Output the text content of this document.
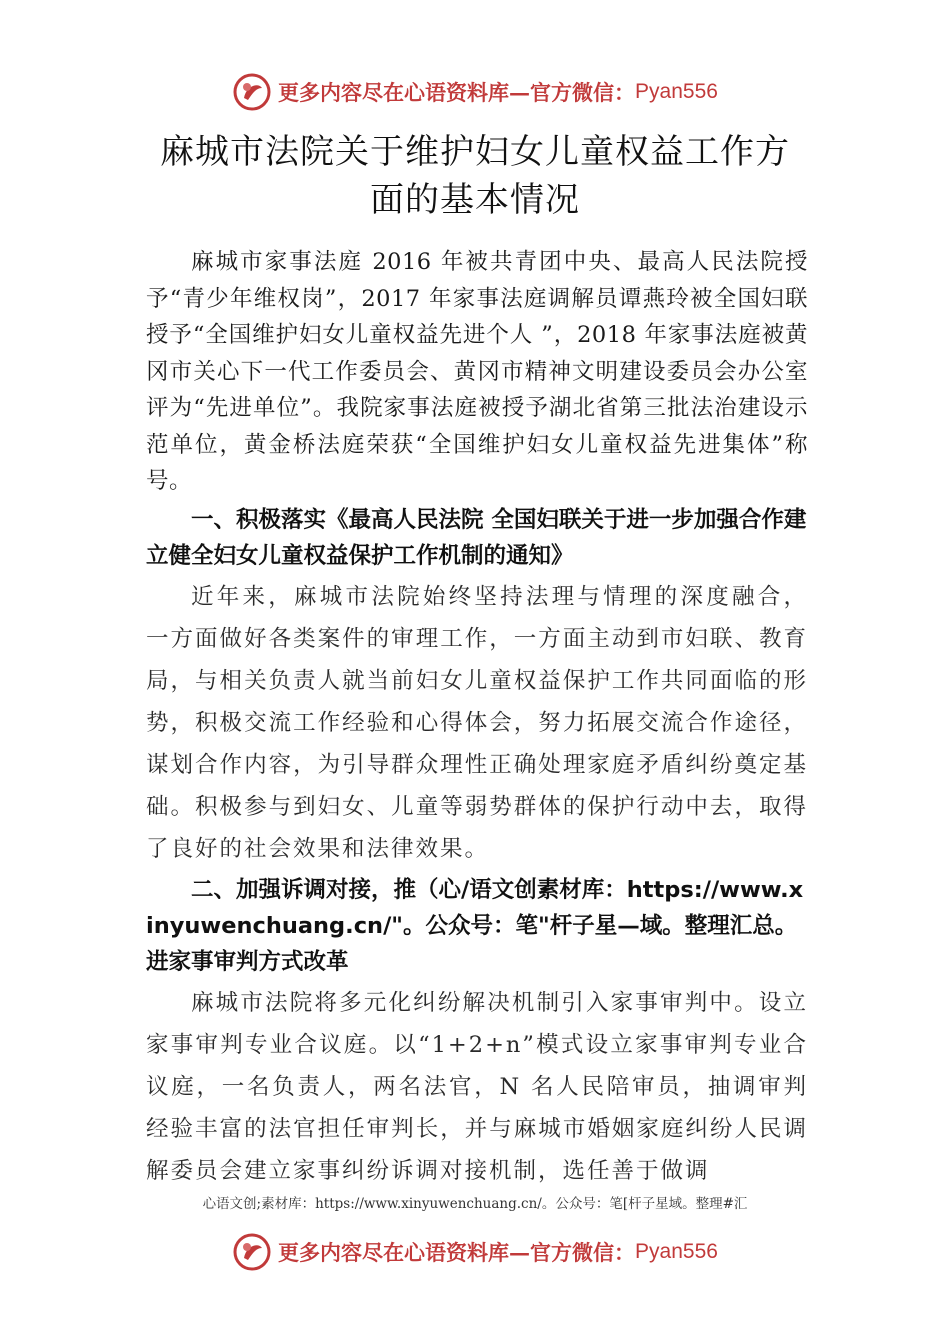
更多内容尽在心语资料库—官方微信： Pyan556
麻城市法院关于维护妇女儿童权益工作方
面的基本情况

麻城市家事法庭 2016 年被共青团中央、最高人民法院授予“青少年维权岗”，2017 年家事法庭调解员谭燕玲被全国妇联授予“全国维护妇女儿童权益先进个人 ”，2018 年家事法庭被黄冈市关心下一代工作委员会、黄冈市精神文明建设委员会办公室评为“先进单位”。我院家事法庭被授予湖北省第三批法治建设示范单位，黄金桥法庭荣获“全国维护妇女儿童权益先进集体”称号。

一、积极落实《最高人民法院 全国妇联关于进一步加强合作建立健全妇女儿童权益保护工作机制的通知》

近年来，麻城市法院始终坚持法理与情理的深度融合， 一方面做好各类案件的审理工作，一方面主动到市妇联、教育局，与相关负责人就当前妇女儿童权益保护工作共同面临的形势，积极交流工作经验和心得体会，努力拓展交流合作途径，谋划合作内容，为引导群众理性正确处理家庭矛盾纠纷奠定基础。积极参与到妇女、儿童等弱势群体的保护行动中去，取得了良好的社会效果和法律效果。

二、加强诉调对接，推（心/语文创素材库：https://www.xinyuwenchuang.cn/"。公众号：笔"杆子星—域。整理汇总。进家事审判方式改革

麻城市法院将多元化纠纷解决机制引入家事审判中。设立家事审判专业合议庭。以“1+2+n”模式设立家事审判专业合议庭，一名负责人，两名法官，N 名人民陪审员，抽调审判经验丰富的法官担任审判长，并与麻城市婚姻家庭纠纷人民调解委员会建立家事纠纷诉调对接机制，选任善于做调

心语文创;素材库：https://www.xinyuwenchuang.cn/。公众号：笔[杆子星域。整理#汇
更多内容尽在心语资料库—官方微信： Pyan556
